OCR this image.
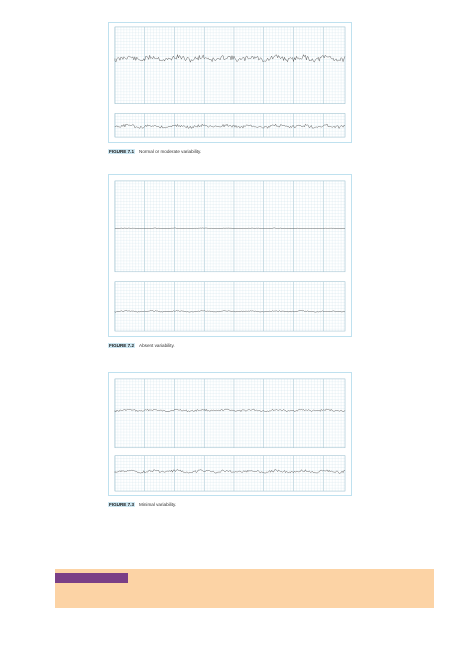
FIGURE 7.1 Normal or moderate variability.
FIGURE 7.2 Absent variability.
FIGURE 7.3 Minimal variability.
